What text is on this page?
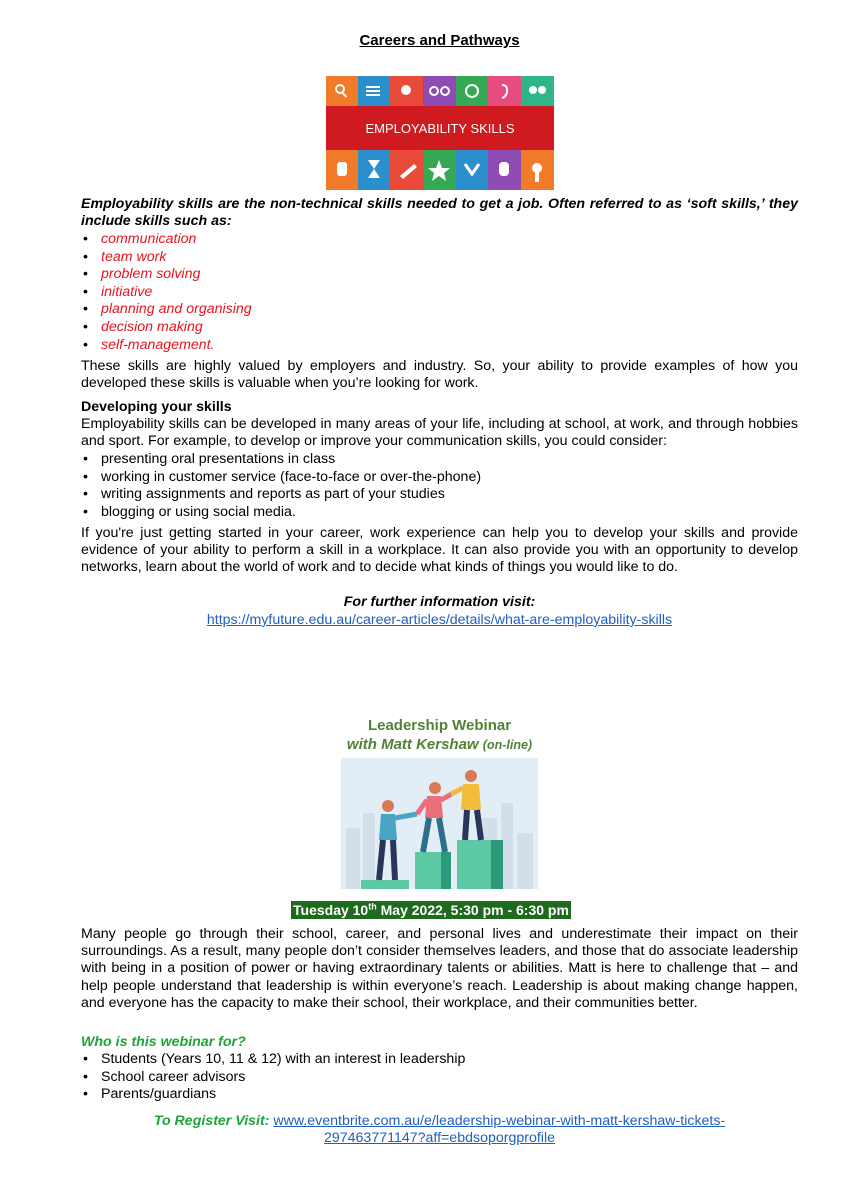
Careers and Pathways
EMPLOYABILITY SKILLS
Employability skills are the non-technical skills needed to get a job. Often referred to as ‘soft skills,’ they include skills such as:
• communication
• team work
• problem solving
• initiative
• planning and organising
• decision making
• self-management.
These skills are highly valued by employers and industry. So, your ability to provide examples of how you developed these skills is valuable when you’re looking for work.
Developing your skills
Employability skills can be developed in many areas of your life, including at school, at work, and through hobbies and sport. For example, to develop or improve your communication skills, you could consider:
• presenting oral presentations in class
• working in customer service (face-to-face or over-the-phone)
• writing assignments and reports as part of your studies
• blogging or using social media.
If you're just getting started in your career, work experience can help you to develop your skills and provide evidence of your ability to perform a skill in a workplace. It can also provide you with an opportunity to develop networks, learn about the world of work and to decide what kinds of things you would like to do.
For further information visit:
https://myfuture.edu.au/career-articles/details/what-are-employability-skills
Leadership Webinar
with Matt Kershaw (on-line)
Tuesday 10th May 2022, 5:30 pm - 6:30 pm
Many people go through their school, career, and personal lives and underestimate their impact on their surroundings. As a result, many people don’t consider themselves leaders, and those that do associate leadership with being in a position of power or having extraordinary talents or abilities. Matt is here to challenge that – and help people understand that leadership is within everyone’s reach. Leadership is about making change happen, and everyone has the capacity to make their school, their workplace, and their communities better.
Who is this webinar for?
• Students (Years 10, 11 & 12) with an interest in leadership
• School career advisors
• Parents/guardians
To Register Visit: www.eventbrite.com.au/e/leadership-webinar-with-matt-kershaw-tickets-
297463771147?aff=ebdsoporgprofile
